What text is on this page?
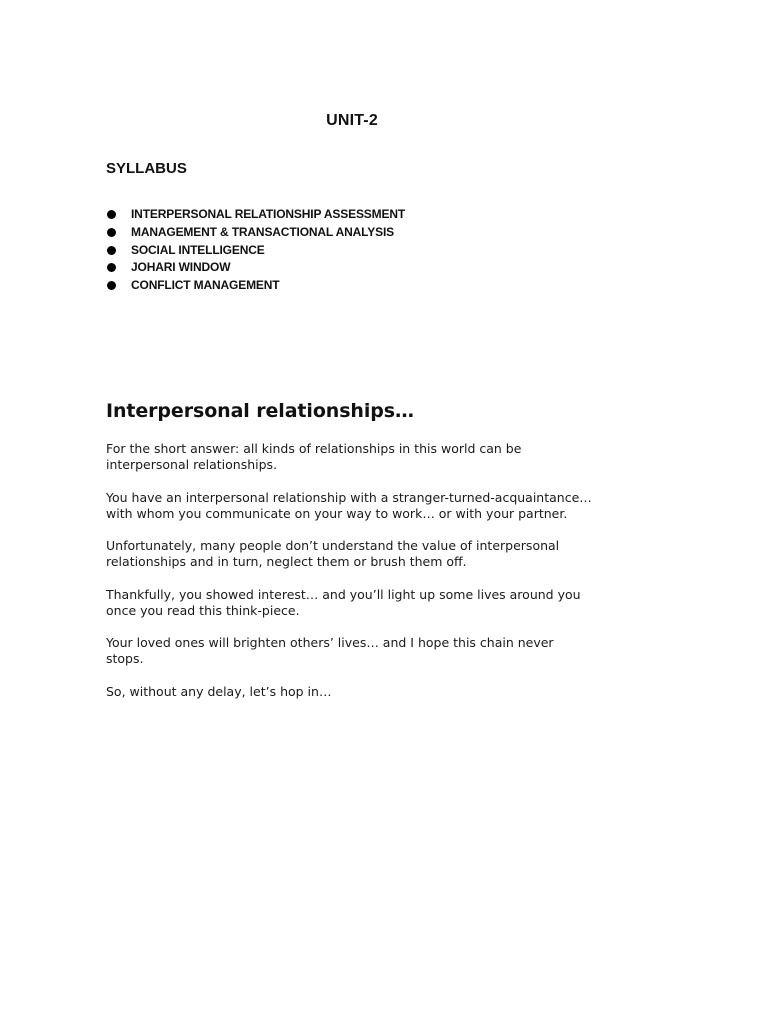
UNIT-2
SYLLABUS
INTERPERSONAL RELATIONSHIP ASSESSMENT
MANAGEMENT & TRANSACTIONAL ANALYSIS
SOCIAL INTELLIGENCE
JOHARI WINDOW
CONFLICT MANAGEMENT
Interpersonal relationships…

For the short answer: all kinds of relationships in this world can be
interpersonal relationships.

You have an interpersonal relationship with a stranger-turned-acquaintance…
with whom you communicate on your way to work… or with your partner.

Unfortunately, many people don’t understand the value of interpersonal
relationships and in turn, neglect them or brush them off.

Thankfully, you showed interest… and you’ll light up some lives around you
once you read this think-piece.

Your loved ones will brighten others’ lives… and I hope this chain never
stops.

So, without any delay, let’s hop in…
